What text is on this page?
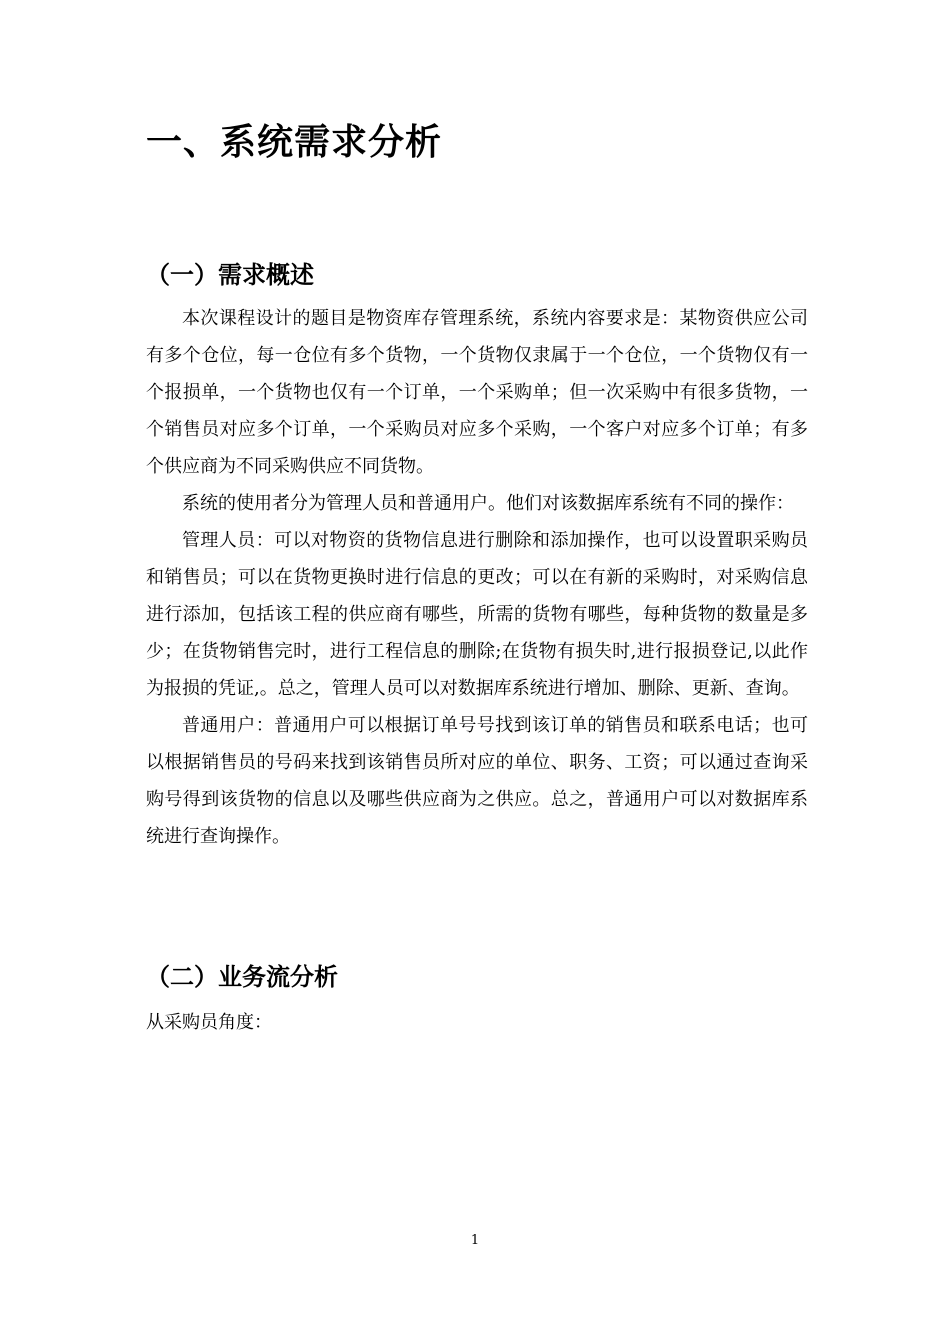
一、系统需求分析
（一）需求概述

本次课程设计的题目是物资库存管理系统，系统内容要求是：某物资供应公司有多个仓位，每一仓位有多个货物，一个货物仅隶属于一个仓位，一个货物仅有一个报损单，一个货物也仅有一个订单，一个采购单；但一次采购中有很多货物，一个销售员对应多个订单，一个采购员对应多个采购，一个客户对应多个订单；有多个供应商为不同采购供应不同货物。

系统的使用者分为管理人员和普通用户。他们对该数据库系统有不同的操作：

管理人员：可以对物资的货物信息进行删除和添加操作，也可以设置职采购员和销售员；可以在货物更换时进行信息的更改；可以在有新的采购时，对采购信息进行添加，包括该工程的供应商有哪些，所需的货物有哪些，每种货物的数量是多少；在货物销售完时，进行工程信息的删除;在货物有损失时,进行报损登记,以此作为报损的凭证,。总之，管理人员可以对数据库系统进行增加、删除、更新、查询。

普通用户：普通用户可以根据订单号号找到该订单的销售员和联系电话；也可以根据销售员的号码来找到该销售员所对应的单位、职务、工资；可以通过查询采购号得到该货物的信息以及哪些供应商为之供应。总之，普通用户可以对数据库系统进行查询操作。

（二）业务流分析
从采购员角度：
1
